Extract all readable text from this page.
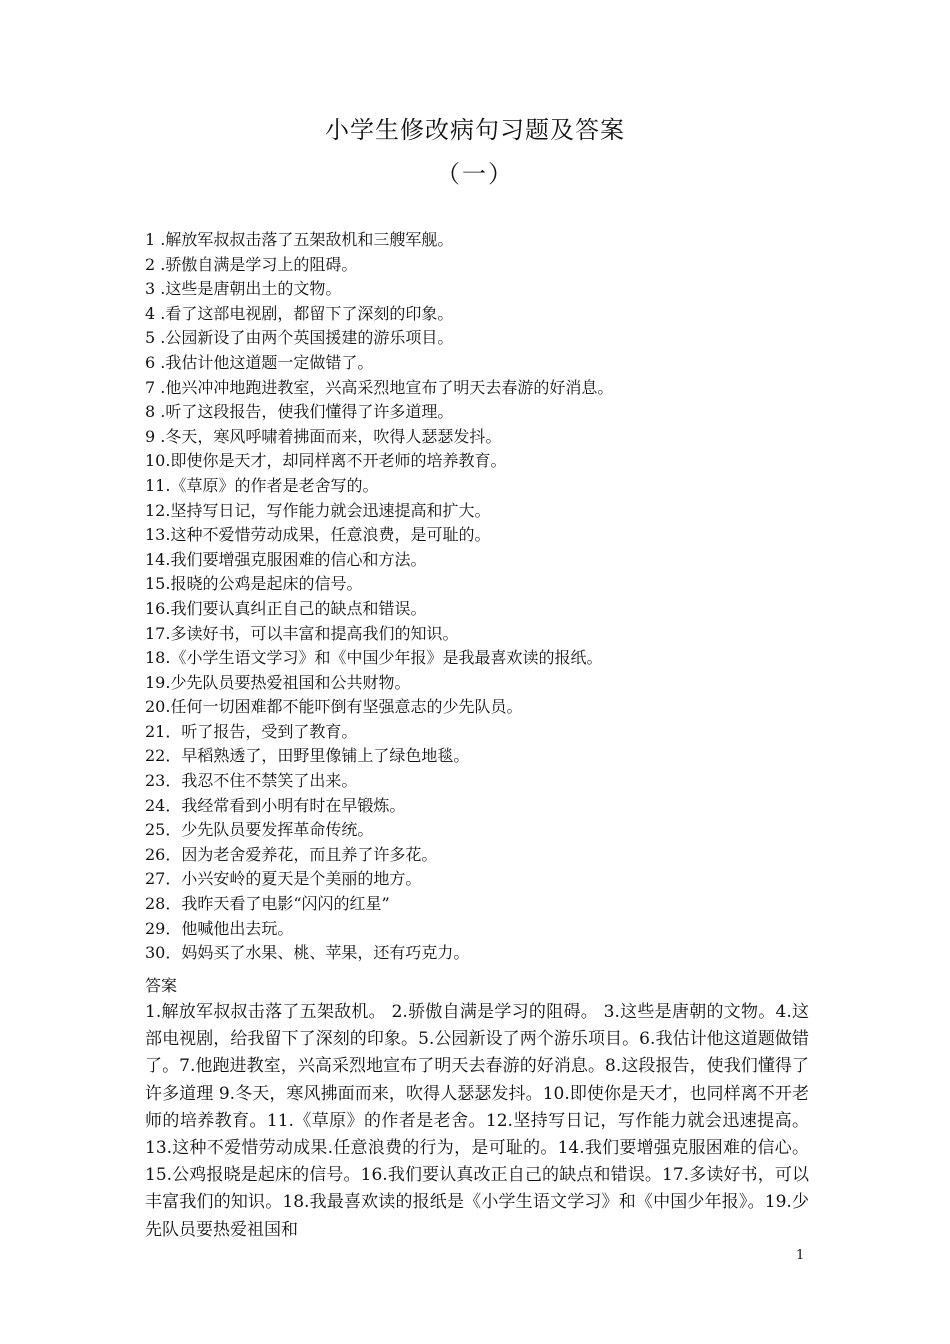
小学生修改病句习题及答案
（一）
1 .解放军叔叔击落了五架敌机和三艘军舰。
2 .骄傲自满是学习上的阻碍。
3 .这些是唐朝出土的文物。
4 .看了这部电视剧，都留下了深刻的印象。
5 .公园新设了由两个英国援建的游乐项目。
6 .我估计他这道题一定做错了。
7 .他兴冲冲地跑进教室，兴高采烈地宣布了明天去春游的好消息。
8 .听了这段报告，使我们懂得了许多道理。
9 .冬天，寒风呼啸着拂面而来，吹得人瑟瑟发抖。
10.即使你是天才，却同样离不开老师的培养教育。
11.《草原》的作者是老舍写的。
12.坚持写日记，写作能力就会迅速提高和扩大。
13.这种不爱惜劳动成果，任意浪费，是可耻的。
14.我们要增强克服困难的信心和方法。
15.报晓的公鸡是起床的信号。
16.我们要认真纠正自己的缺点和错误。
17.多读好书，可以丰富和提高我们的知识。
18.《小学生语文学习》和《中国少年报》是我最喜欢读的报纸。
19.少先队员要热爱祖国和公共财物。
20.任何一切困难都不能吓倒有坚强意志的少先队员。
21．听了报告，受到了教育。
22．早稻熟透了，田野里像铺上了绿色地毯。
23．我忍不住不禁笑了出来。
24．我经常看到小明有时在早锻炼。
25．少先队员要发挥革命传统。
26．因为老舍爱养花，而且养了许多花。
27．小兴安岭的夏天是个美丽的地方。
28．我昨天看了电影“闪闪的红星”
29．他喊他出去玩。
30．妈妈买了水果、桃、苹果，还有巧克力。
答案

1.解放军叔叔击落了五架敌机。 2.骄傲自满是学习的阻碍。 3.这些是唐朝的文物。4.这部电视剧，给我留下了深刻的印象。5.公园新设了两个游乐项目。6.我估计他这道题做错了。7.他跑进教室，兴高采烈地宣布了明天去春游的好消息。8.这段报告，使我们懂得了许多道理 9.冬天，寒风拂面而来，吹得人瑟瑟发抖。10.即使你是天才，也同样离不开老师的培养教育。11.《草原》的作者是老舍。12.坚持写日记，写作能力就会迅速提高。13.这种不爱惜劳动成果.任意浪费的行为，是可耻的。14.我们要增强克服困难的信心。15.公鸡报晓是起床的信号。16.我们要认真改正自己的缺点和错误。17.多读好书，可以丰富我们的知识。18.我最喜欢读的报纸是《小学生语文学习》和《中国少年报》。19.少先队员要热爱祖国和

1
